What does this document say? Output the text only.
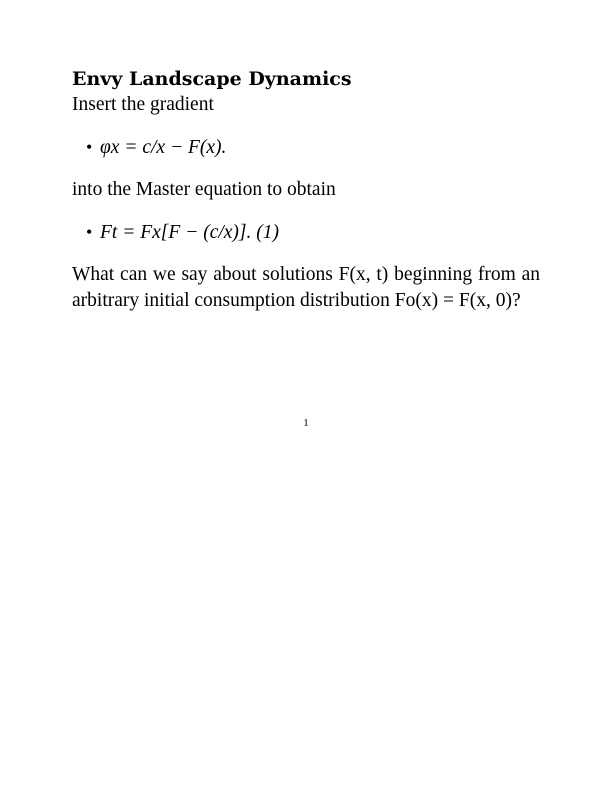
Envy Landscape Dynamics

Insert the gradient

• φx = c/x − F(x).

into the Master equation to obtain

• Ft = Fx[F − (c/x)]. (1)

What can we say about solutions F(x, t) beginning from an arbitrary initial consumption distribution Fo(x) = F(x, 0)?

1
